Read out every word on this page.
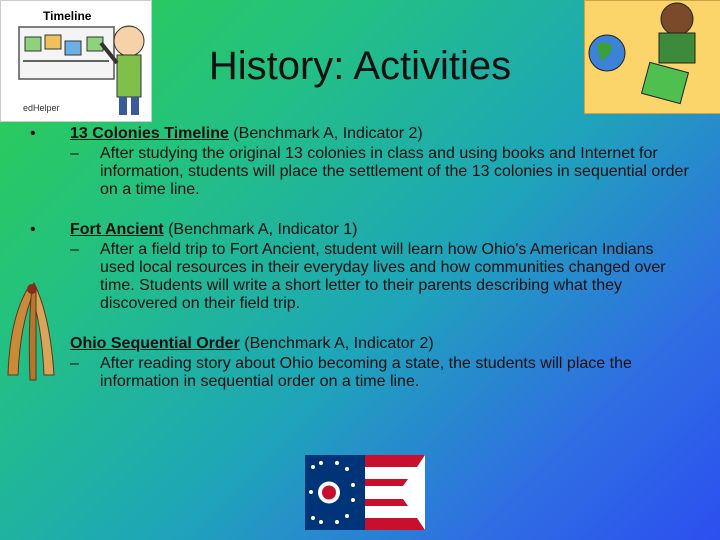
Timeline
edHelper
History: Activities
•	13 Colonies Timeline (Benchmark A, Indicator 2)
– After studying the original 13 colonies in class and using books and Internet for information, students will place the settlement of the 13 colonies in sequential order on a time line.
•	Fort Ancient (Benchmark A, Indicator 1)
– After a field trip to Fort Ancient, student will learn how Ohio's American Indians used local resources in their everyday lives and how communities changed over time. Students will write a short letter to their parents describing what they discovered on their field trip.
Ohio Sequential Order (Benchmark A, Indicator 2)
– After reading story about Ohio becoming a state, the students will place the information in sequential order on a time line.
